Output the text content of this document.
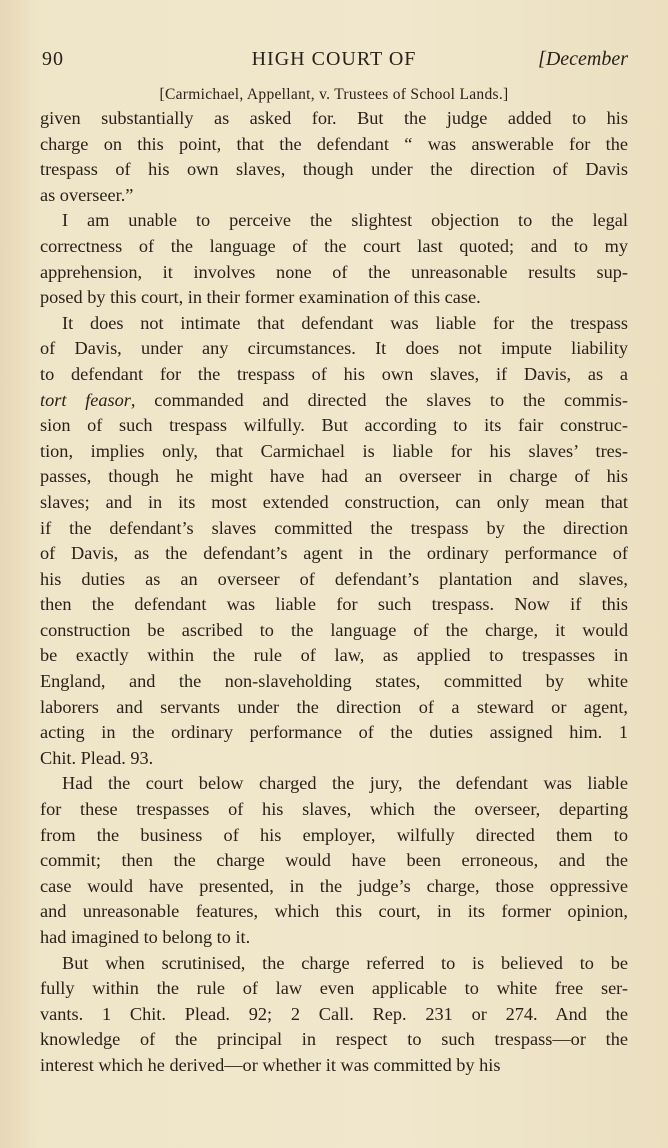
90	HIGH COURT OF	[December
[Carmichael, Appellant, v. Trustees of School Lands.]
given substantially as asked for. But the judge added to his
charge on this point, that the defendant “ was answerable for the
trespass of his own slaves, though under the direction of Davis
as overseer.”
I am unable to perceive the slightest objection to the legal
correctness of the language of the court last quoted; and to my
apprehension, it involves none of the unreasonable results sup-
posed by this court, in their former examination of this case.
It does not intimate that defendant was liable for the trespass
of Davis, under any circumstances. It does not impute liability
to defendant for the trespass of his own slaves, if Davis, as a
tort feasor, commanded and directed the slaves to the commis-
sion of such trespass wilfully. But according to its fair construc-
tion, implies only, that Carmichael is liable for his slaves’ tres-
passes, though he might have had an overseer in charge of his
slaves; and in its most extended construction, can only mean that
if the defendant’s slaves committed the trespass by the direction
of Davis, as the defendant’s agent in the ordinary performance of
his duties as an overseer of defendant’s plantation and slaves,
then the defendant was liable for such trespass. Now if this
construction be ascribed to the language of the charge, it would
be exactly within the rule of law, as applied to trespasses in
England, and the non-slaveholding states, committed by white
laborers and servants under the direction of a steward or agent,
acting in the ordinary performance of the duties assigned him. 1
Chit. Plead. 93.
Had the court below charged the jury, the defendant was liable
for these trespasses of his slaves, which the overseer, departing
from the business of his employer, wilfully directed them to
commit; then the charge would have been erroneous, and the
case would have presented, in the judge’s charge, those oppressive
and unreasonable features, which this court, in its former opinion,
had imagined to belong to it.
But when scrutinised, the charge referred to is believed to be
fully within the rule of law even applicable to white free ser-
vants. 1 Chit. Plead. 92; 2 Call. Rep. 231 or 274. And the
knowledge of the principal in respect to such trespass—or the
interest which he derived—or whether it was committed by his
